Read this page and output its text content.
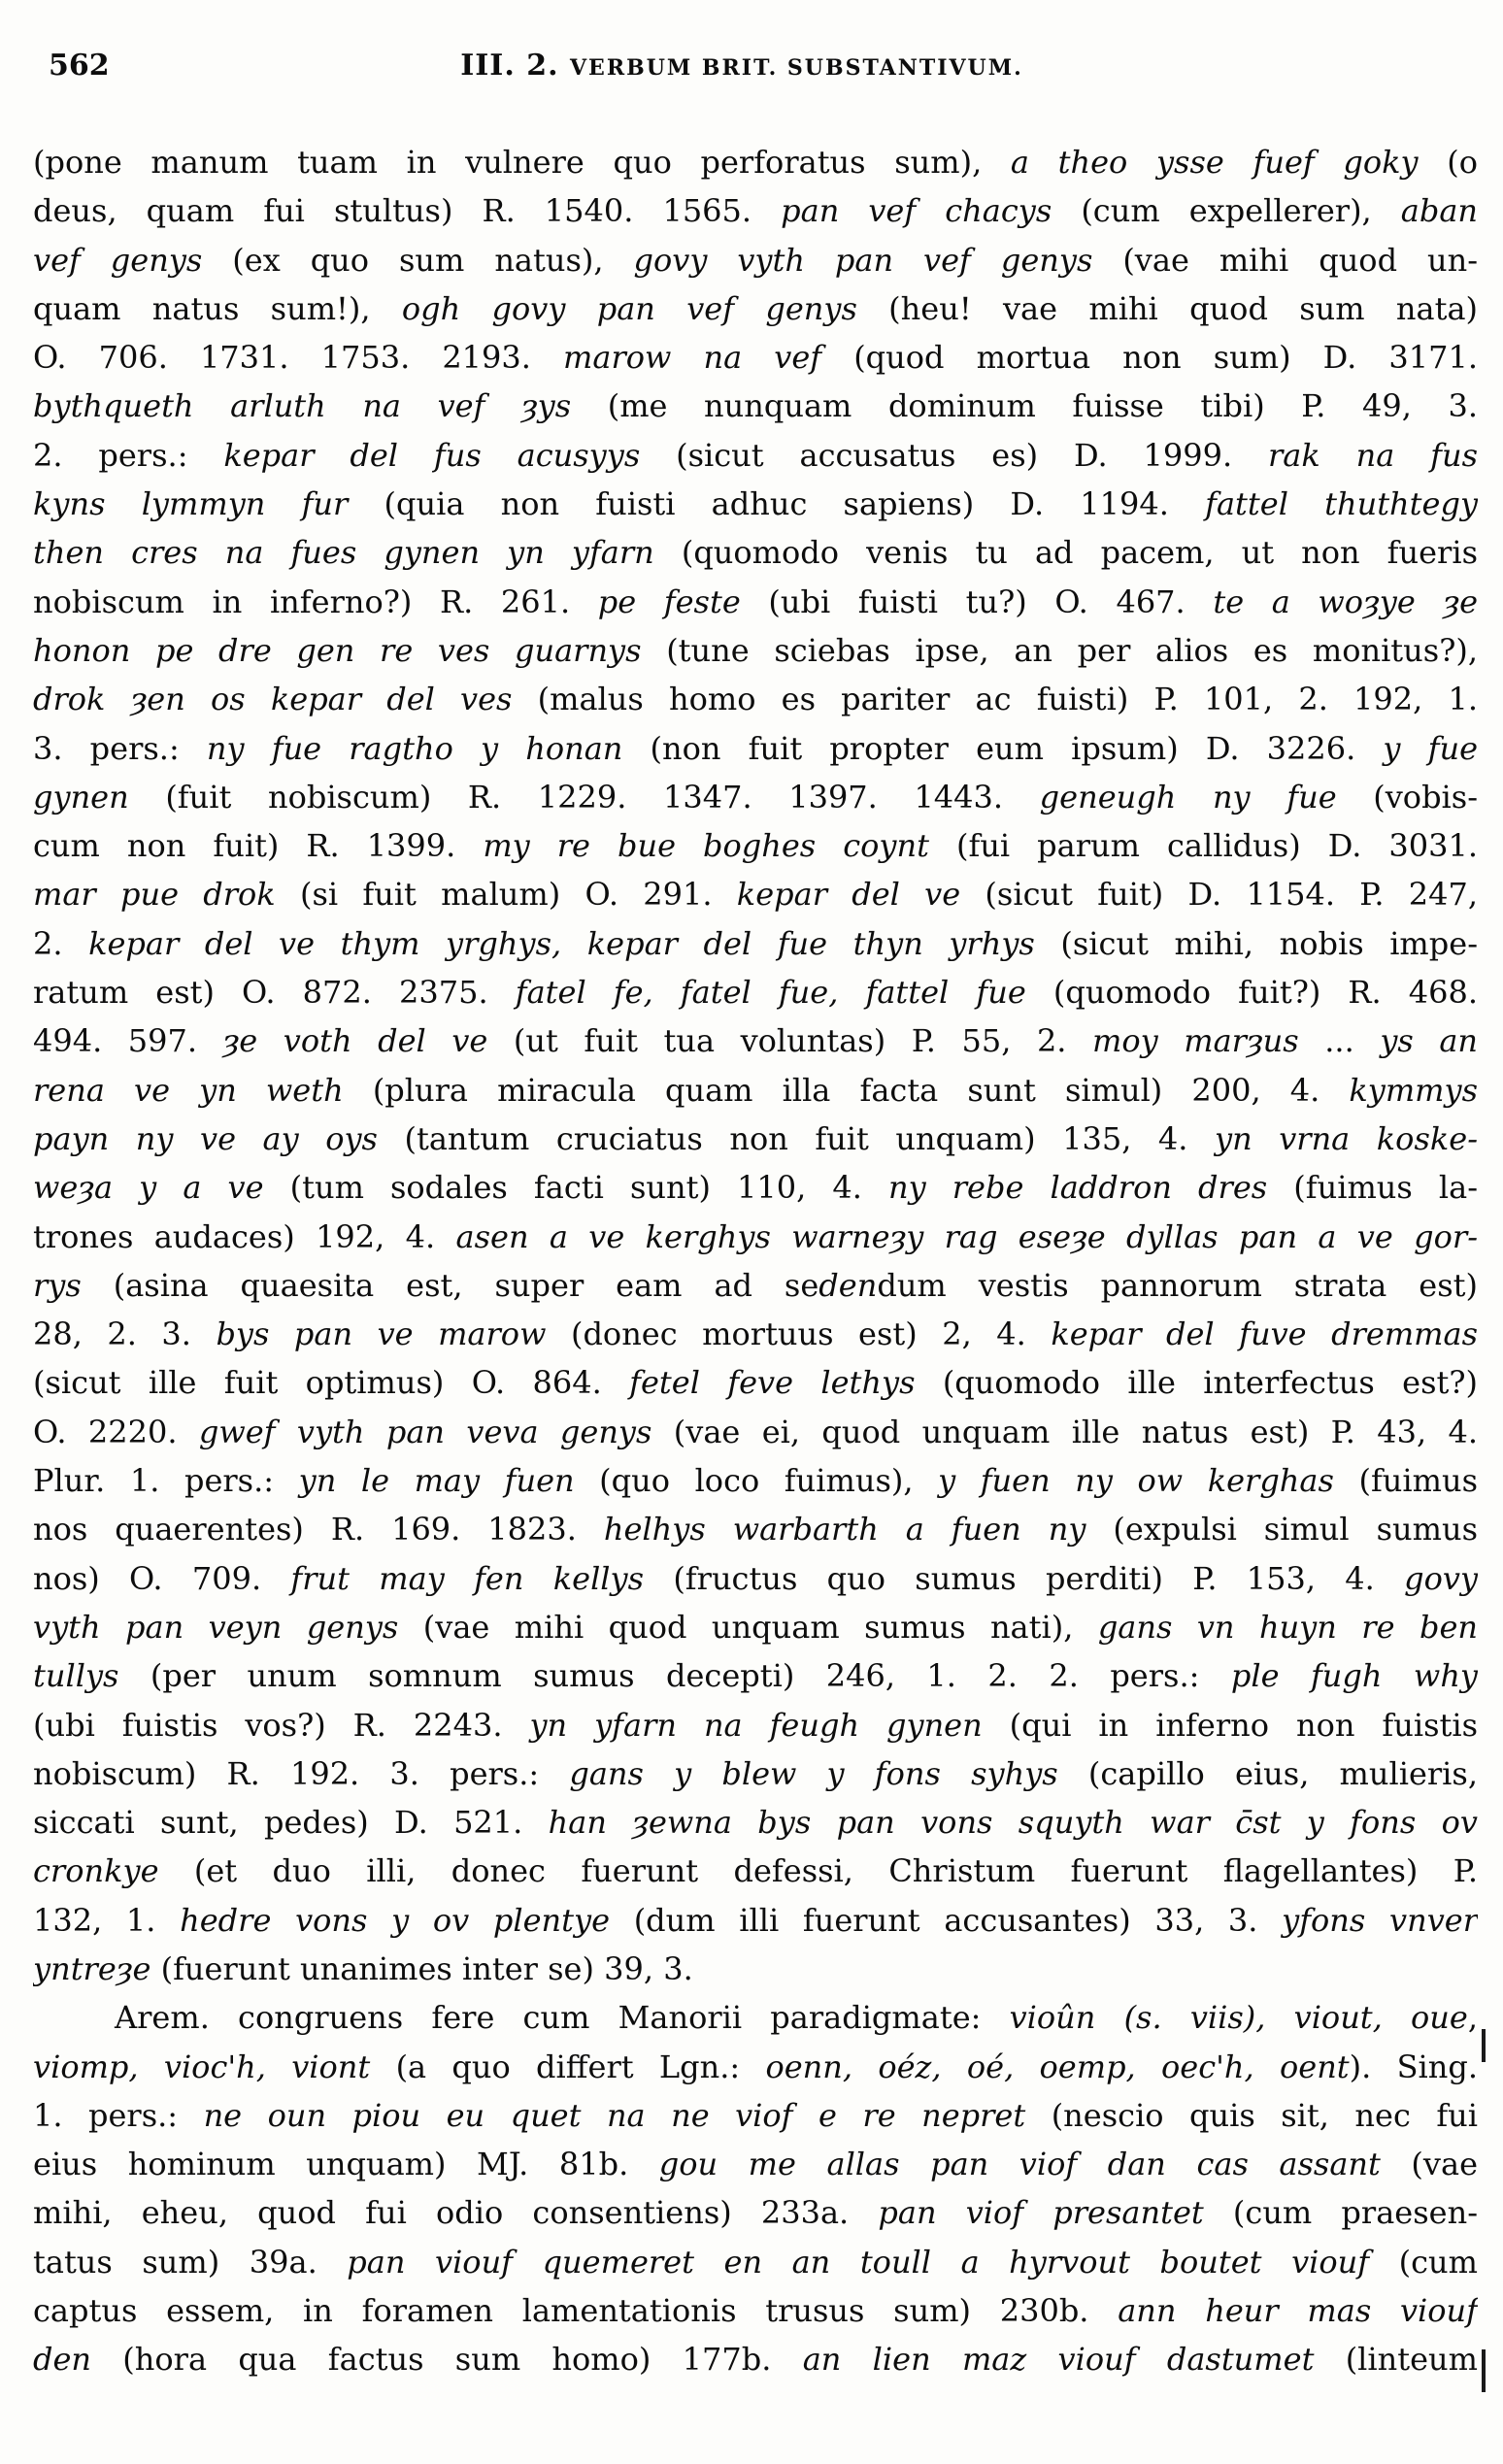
562	III. 2. VERBUM BRIT. SUBSTANTIVUM.
(pone manum tuam in vulnere quo perforatus sum), a theo ysse fuef goky (o
deus, quam fui stultus) R. 1540. 1565. pan vef chacys (cum expellerer), aban
vef genys (ex quo sum natus), govy vyth pan vef genys (vae mihi quod un-
quam natus sum!), ogh govy pan vef genys (heu! vae mihi quod sum nata)
O. 706. 1731. 1753. 2193. marow na vef (quod mortua non sum) D. 3171.
bythqueth arluth na vef ȝys (me nunquam dominum fuisse tibi) P. 49, 3.
2. pers.: kepar del fus acusyys (sicut accusatus es) D. 1999. rak na fus
kyns lymmyn fur (quia non fuisti adhuc sapiens) D. 1194. fattel thuthtegy
then cres na fues gynen yn yfarn (quomodo venis tu ad pacem, ut non fueris
nobiscum in inferno?) R. 261. pe feste (ubi fuisti tu?) O. 467. te a woȝye ȝe
honon pe dre gen re ves guarnys (tune sciebas ipse, an per alios es monitus?),
drok ȝen os kepar del ves (malus homo es pariter ac fuisti) P. 101, 2. 192, 1.
3. pers.: ny fue ragtho y honan (non fuit propter eum ipsum) D. 3226. y fue
gynen (fuit nobiscum) R. 1229. 1347. 1397. 1443. geneugh ny fue (vobis-
cum non fuit) R. 1399. my re bue boghes coynt (fui parum callidus) D. 3031.
mar pue drok (si fuit malum) O. 291. kepar del ve (sicut fuit) D. 1154. P. 247,
2. kepar del ve thym yrghys, kepar del fue thyn yrhys (sicut mihi, nobis impe-
ratum est) O. 872. 2375. fatel fe, fatel fue, fattel fue (quomodo fuit?) R. 468.
494. 597. ȝe voth del ve (ut fuit tua voluntas) P. 55, 2. moy marȝus ... ys an
rena ve yn weth (plura miracula quam illa facta sunt simul) 200, 4. kymmys
payn ny ve ay oys (tantum cruciatus non fuit unquam) 135, 4. yn vrna koske-
weȝa y a ve (tum sodales facti sunt) 110, 4. ny rebe laddron dres (fuimus la-
trones audaces) 192, 4. asen a ve kerghys warneȝy rag eseȝe dyllas pan a ve gor-
rys (asina quaesita est, super eam ad sedendum vestis pannorum strata est)
28, 2. 3. bys pan ve marow (donec mortuus est) 2, 4. kepar del fuve dremmas
(sicut ille fuit optimus) O. 864. fetel feve lethys (quomodo ille interfectus est?)
O. 2220. gwef vyth pan veva genys (vae ei, quod unquam ille natus est) P. 43, 4.
Plur. 1. pers.: yn le may fuen (quo loco fuimus), y fuen ny ow kerghas (fuimus
nos quaerentes) R. 169. 1823. helhys warbarth a fuen ny (expulsi simul sumus
nos) O. 709. frut may fen kellys (fructus quo sumus perditi) P. 153, 4. govy
vyth pan veyn genys (vae mihi quod unquam sumus nati), gans vn huyn re ben
tullys (per unum somnum sumus decepti) 246, 1. 2. 2. pers.: ple fugh why
(ubi fuistis vos?) R. 2243. yn yfarn na feugh gynen (qui in inferno non fuistis
nobiscum) R. 192. 3. pers.: gans y blew y fons syhys (capillo eius, mulieris,
siccati sunt, pedes) D. 521. han ȝewna bys pan vons squyth war c̄st y fons ov
cronkye (et duo illi, donec fuerunt defessi, Christum fuerunt flagellantes) P.
132, 1. hedre vons y ov plentye (dum illi fuerunt accusantes) 33, 3. yfons vnver
yntreȝe (fuerunt unanimes inter se) 39, 3.
Arem. congruens fere cum Manorii paradigmate: vioûn (s. viis), viout, oue,
viomp, vioc'h, viont (a quo differt Lgn.: oenn, oéz, oé, oemp, oec'h, oent). Sing.
1. pers.: ne oun piou eu quet na ne viof e re nepret (nescio quis sit, nec fui
eius hominum unquam) MJ. 81b. gou me allas pan viof dan cas assant (vae
mihi, eheu, quod fui odio consentiens) 233a. pan viof presantet (cum praesen-
tatus sum) 39a. pan viouf quemeret en an toull a hyrvout boutet viouf (cum
captus essem, in foramen lamentationis trusus sum) 230b. ann heur mas viouf
den (hora qua factus sum homo) 177b. an lien maz viouf dastumet (linteum
